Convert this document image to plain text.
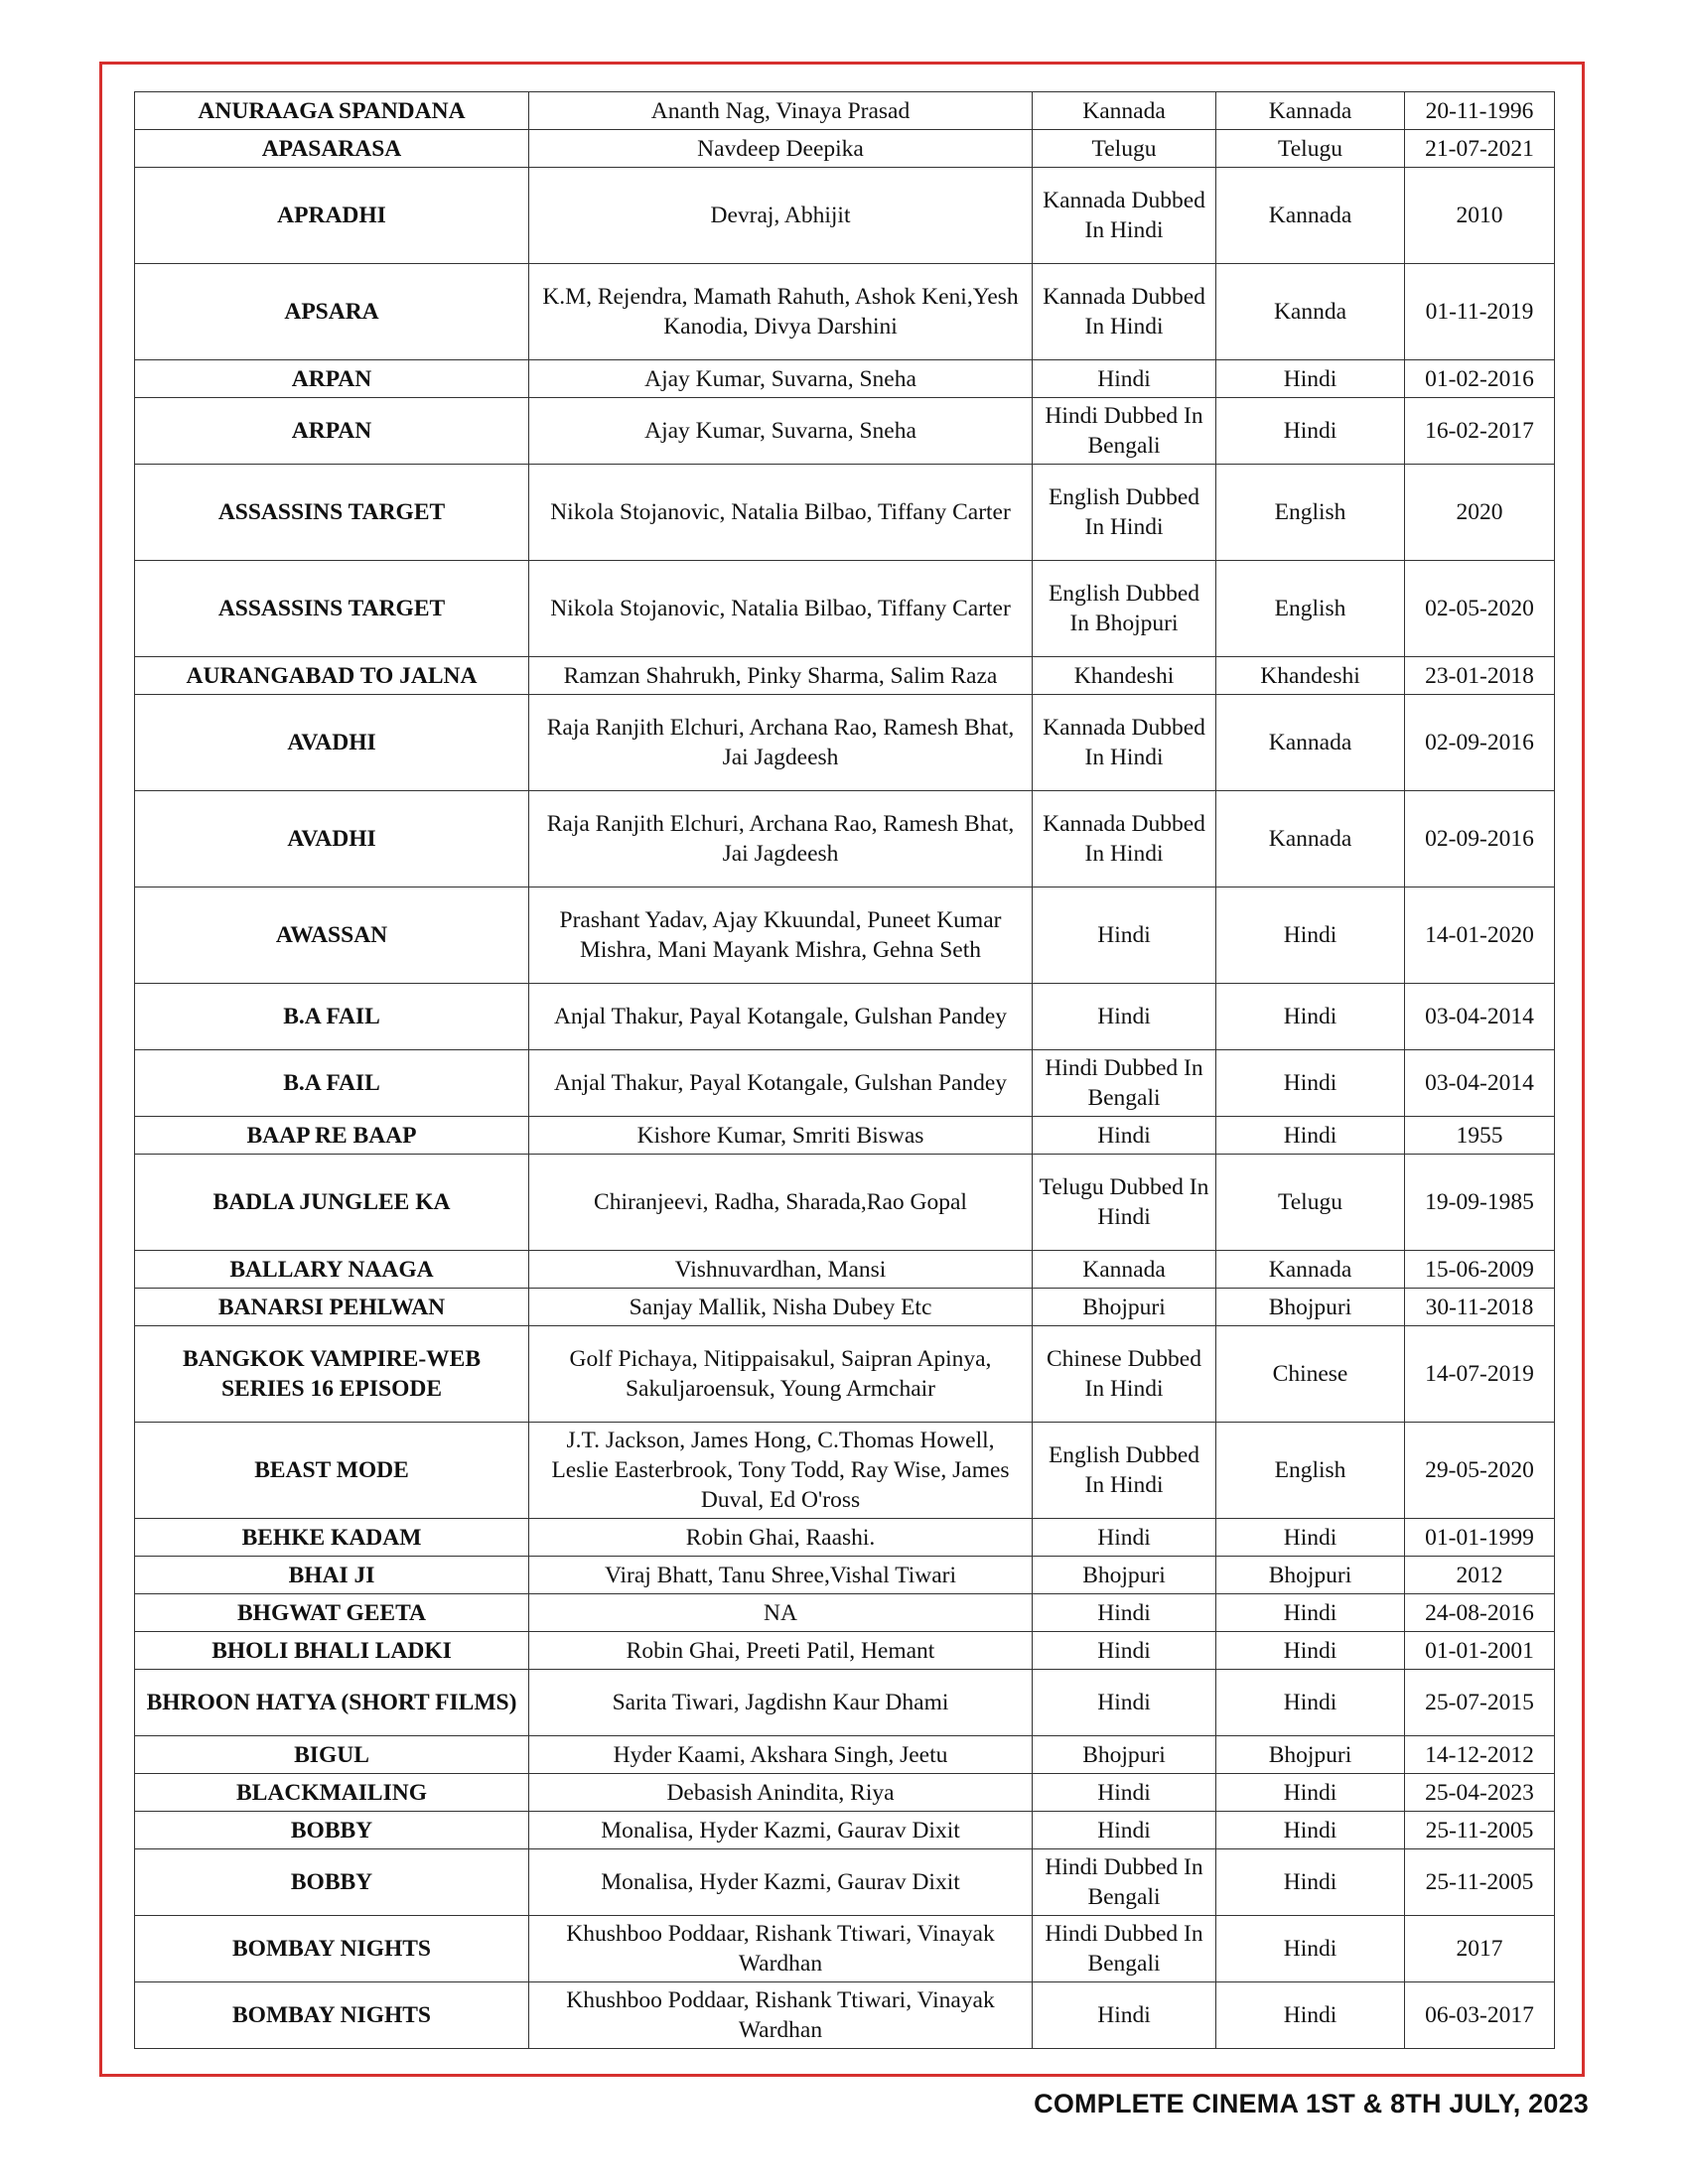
ANURAAGA SPANDANA	Ananth Nag, Vinaya Prasad	Kannada	Kannada	20-11-1996
APASARASA	Navdeep Deepika	Telugu	Telugu	21-07-2021
APRADHI	Devraj, Abhijit	Kannada Dubbed In Hindi	Kannada	2010
APSARA	K.M, Rejendra, Mamath Rahuth, Ashok Keni,Yesh Kanodia, Divya Darshini	Kannada Dubbed In Hindi	Kannda	01-11-2019
ARPAN	Ajay Kumar, Suvarna, Sneha	Hindi	Hindi	01-02-2016
ARPAN	Ajay Kumar, Suvarna, Sneha	Hindi Dubbed In Bengali	Hindi	16-02-2017
ASSASSINS TARGET	Nikola Stojanovic, Natalia Bilbao, Tiffany Carter	English Dubbed In Hindi	English	2020
ASSASSINS TARGET	Nikola Stojanovic, Natalia Bilbao, Tiffany Carter	English Dubbed In Bhojpuri	English	02-05-2020
AURANGABAD TO JALNA	Ramzan Shahrukh, Pinky Sharma, Salim Raza	Khandeshi	Khandeshi	23-01-2018
AVADHI	Raja Ranjith Elchuri, Archana Rao, Ramesh Bhat, Jai Jagdeesh	Kannada Dubbed In Hindi	Kannada	02-09-2016
AVADHI	Raja Ranjith Elchuri, Archana Rao, Ramesh Bhat, Jai Jagdeesh	Kannada Dubbed In Hindi	Kannada	02-09-2016
AWASSAN	Prashant Yadav, Ajay Kkuundal, Puneet Kumar Mishra, Mani Mayank Mishra, Gehna Seth	Hindi	Hindi	14-01-2020
B.A FAIL	Anjal Thakur, Payal Kotangale, Gulshan Pandey	Hindi	Hindi	03-04-2014
B.A FAIL	Anjal Thakur, Payal Kotangale, Gulshan Pandey	Hindi Dubbed In Bengali	Hindi	03-04-2014
BAAP RE BAAP	Kishore Kumar, Smriti Biswas	Hindi	Hindi	1955
BADLA JUNGLEE KA	Chiranjeevi, Radha, Sharada,Rao Gopal	Telugu Dubbed In Hindi	Telugu	19-09-1985
BALLARY NAAGA	Vishnuvardhan, Mansi	Kannada	Kannada	15-06-2009
BANARSI PEHLWAN	Sanjay Mallik, Nisha Dubey Etc	Bhojpuri	Bhojpuri	30-11-2018
BANGKOK VAMPIRE-WEB SERIES 16 EPISODE	Golf Pichaya, Nitippaisakul, Saipran Apinya, Sakuljaroensuk, Young Armchair	Chinese Dubbed In Hindi	Chinese	14-07-2019
BEAST MODE	J.T. Jackson, James Hong, C.Thomas Howell, Leslie Easterbrook, Tony Todd, Ray Wise, James Duval, Ed O'ross	English Dubbed In Hindi	English	29-05-2020
BEHKE KADAM	Robin Ghai, Raashi.	Hindi	Hindi	01-01-1999
BHAI JI	Viraj Bhatt, Tanu Shree,Vishal Tiwari	Bhojpuri	Bhojpuri	2012
BHGWAT GEETA	NA	Hindi	Hindi	24-08-2016
BHOLI BHALI LADKI	Robin Ghai, Preeti Patil, Hemant	Hindi	Hindi	01-01-2001
BHROON HATYA (SHORT FILMS)	Sarita Tiwari, Jagdishn Kaur Dhami	Hindi	Hindi	25-07-2015
BIGUL	Hyder Kaami, Akshara Singh, Jeetu	Bhojpuri	Bhojpuri	14-12-2012
BLACKMAILING	Debasish Anindita, Riya	Hindi	Hindi	25-04-2023
BOBBY	Monalisa, Hyder Kazmi, Gaurav Dixit	Hindi	Hindi	25-11-2005
BOBBY	Monalisa, Hyder Kazmi, Gaurav Dixit	Hindi Dubbed In Bengali	Hindi	25-11-2005
BOMBAY NIGHTS	Khushboo Poddaar, Rishank Ttiwari, Vinayak Wardhan	Hindi Dubbed In Bengali	Hindi	2017
BOMBAY NIGHTS	Khushboo Poddaar, Rishank Ttiwari, Vinayak Wardhan	Hindi	Hindi	06-03-2017
COMPLETE CINEMA 1ST & 8TH JULY, 2023
